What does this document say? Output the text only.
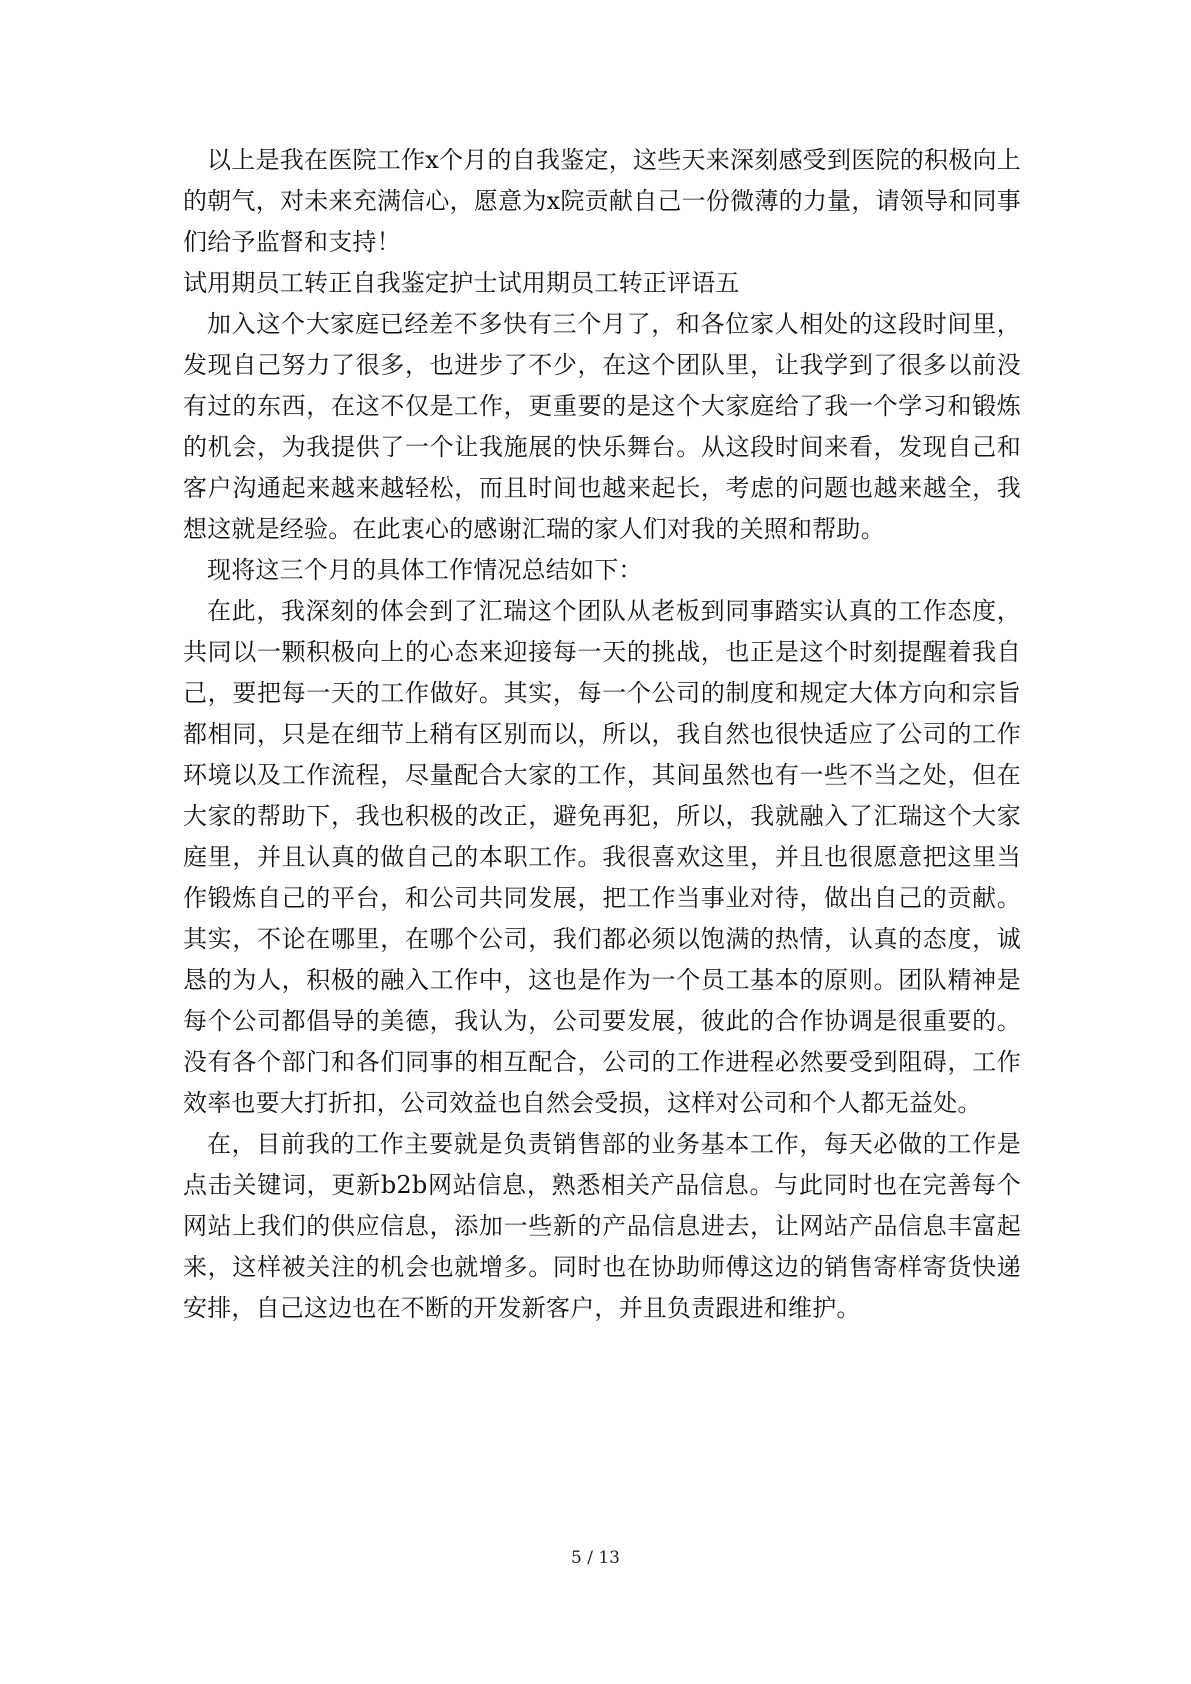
以上是我在医院工作x个月的自我鉴定，这些天来深刻感受到医院的积极向上的朝气，对未来充满信心，愿意为x院贡献自己一份微薄的力量，请领导和同事们给予监督和支持！

试用期员工转正自我鉴定护士试用期员工转正评语五

加入这个大家庭已经差不多快有三个月了，和各位家人相处的这段时间里，发现自己努力了很多，也进步了不少，在这个团队里，让我学到了很多以前没有过的东西，在这不仅是工作，更重要的是这个大家庭给了我一个学习和锻炼的机会，为我提供了一个让我施展的快乐舞台。从这段时间来看，发现自己和客户沟通起来越来越轻松，而且时间也越来起长，考虑的问题也越来越全，我想这就是经验。在此衷心的感谢汇瑞的家人们对我的关照和帮助。

现将这三个月的具体工作情况总结如下：

在此，我深刻的体会到了汇瑞这个团队从老板到同事踏实认真的工作态度，共同以一颗积极向上的心态来迎接每一天的挑战，也正是这个时刻提醒着我自己，要把每一天的工作做好。其实，每一个公司的制度和规定大体方向和宗旨都相同，只是在细节上稍有区别而以，所以，我自然也很快适应了公司的工作环境以及工作流程，尽量配合大家的工作，其间虽然也有一些不当之处，但在大家的帮助下，我也积极的改正，避免再犯，所以，我就融入了汇瑞这个大家庭里，并且认真的做自己的本职工作。我很喜欢这里，并且也很愿意把这里当作锻炼自己的平台，和公司共同发展，把工作当事业对待，做出自己的贡献。其实，不论在哪里，在哪个公司，我们都必须以饱满的热情，认真的态度，诚恳的为人，积极的融入工作中，这也是作为一个员工基本的原则。团队精神是每个公司都倡导的美德，我认为，公司要发展，彼此的合作协调是很重要的。没有各个部门和各们同事的相互配合，公司的工作进程必然要受到阻碍，工作效率也要大打折扣，公司效益也自然会受损，这样对公司和个人都无益处。

在，目前我的工作主要就是负责销售部的业务基本工作，每天必做的工作是点击关键词，更新b2b网站信息，熟悉相关产品信息。与此同时也在完善每个网站上我们的供应信息，添加一些新的产品信息进去，让网站产品信息丰富起来，这样被关注的机会也就增多。同时也在协助师傅这边的销售寄样寄货快递安排，自己这边也在不断的开发新客户，并且负责跟进和维护。

5 / 13
